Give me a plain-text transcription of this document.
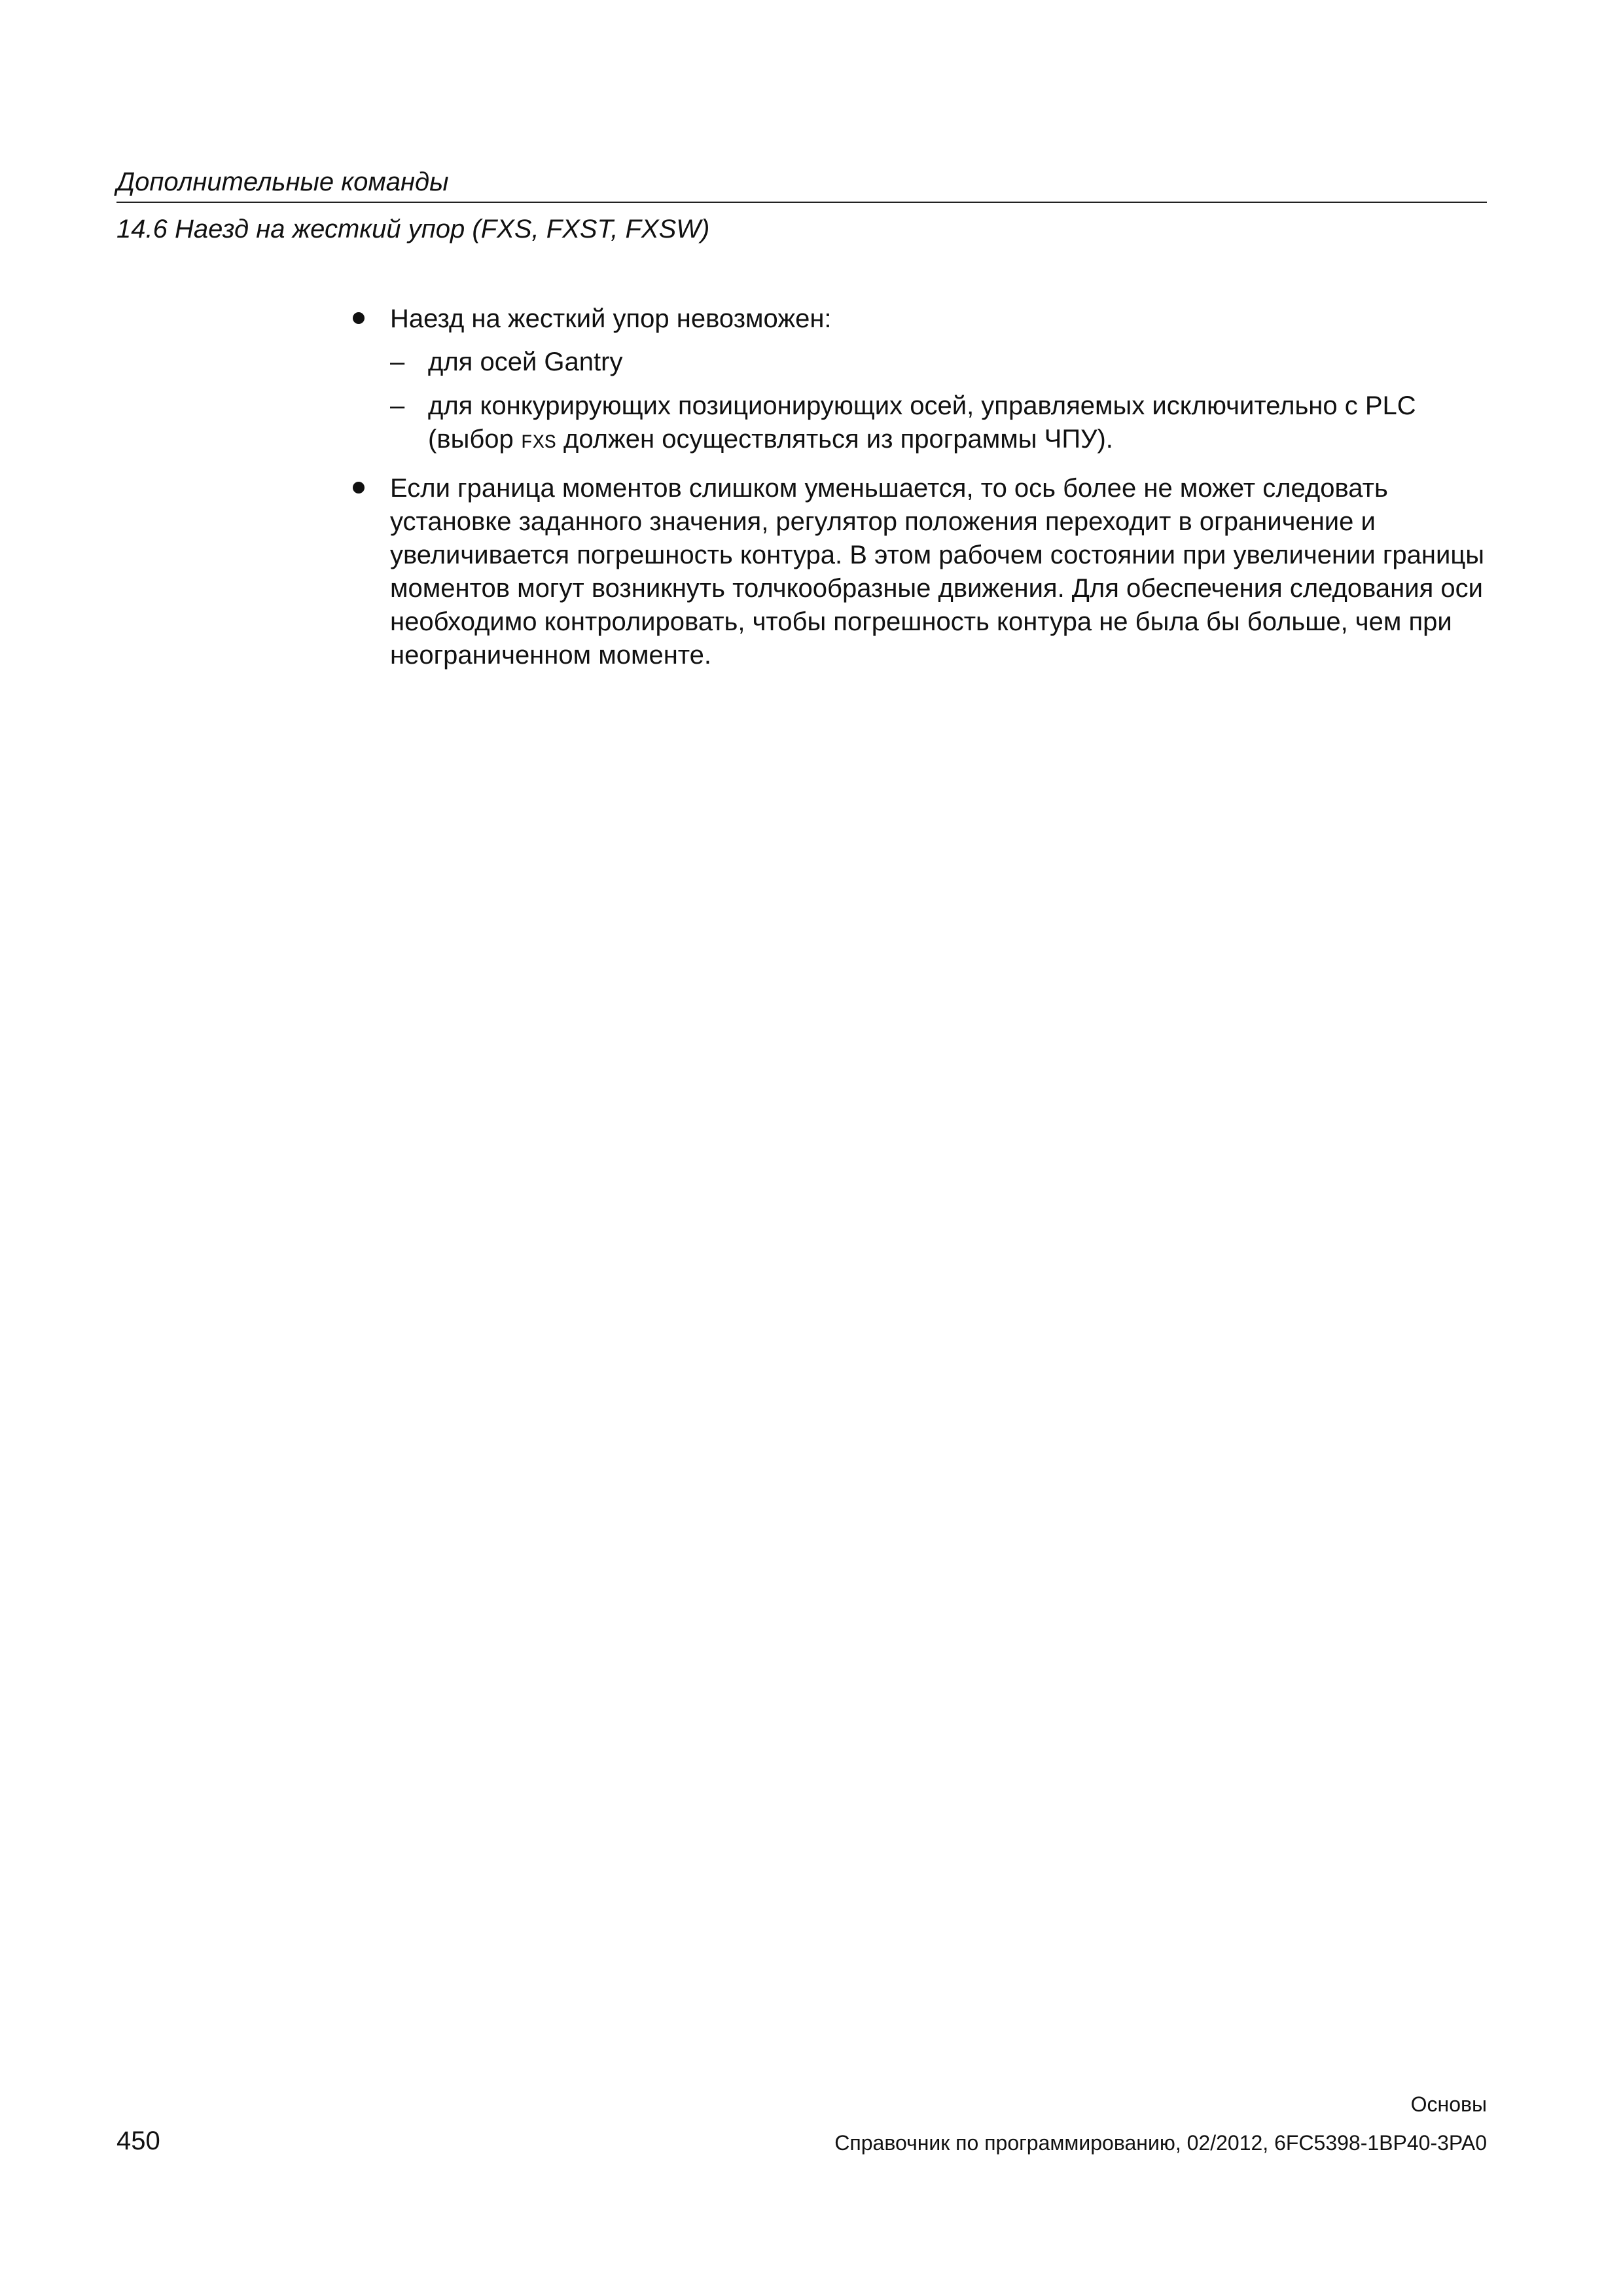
Дополнительные команды
14.6 Наезд на жесткий упор (FXS, FXST, FXSW)
Наезд на жесткий упор невозможен:
– для осей Gantry
– для конкурирующих позиционирующих осей, управляемых исключительно с PLC (выбор FXS должен осуществляться из программы ЧПУ).
Если граница моментов слишком уменьшается, то ось более не может следовать установке заданного значения, регулятор положения переходит в ограничение и увеличивается погрешность контура. В этом рабочем состоянии при увеличении границы моментов могут возникнуть толчкообразные движения. Для обеспечения следования оси необходимо контролировать, чтобы погрешность контура не была бы больше, чем при неограниченном моменте.
Основы
450	Справочник по программированию, 02/2012, 6FC5398-1BP40-3PA0
